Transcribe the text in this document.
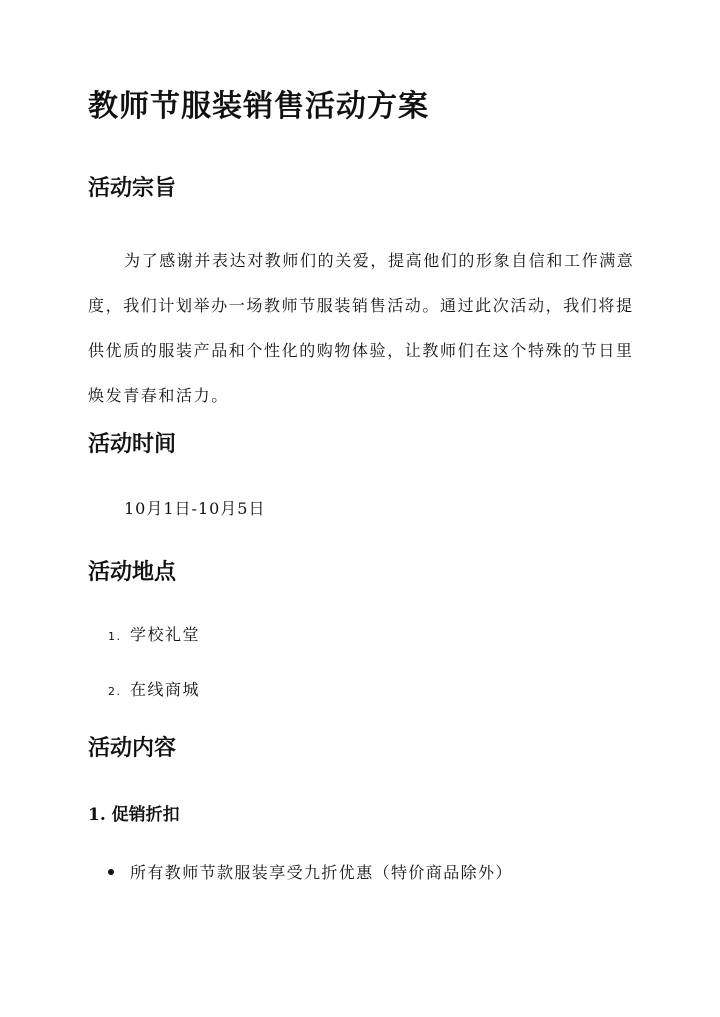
教师节服装销售活动方案
活动宗旨

为了感谢并表达对教师们的关爱，提高他们的形象自信和工作满意度，我们计划举办一场教师节服装销售活动。通过此次活动，我们将提供优质的服装产品和个性化的购物体验，让教师们在这个特殊的节日里焕发青春和活力。

活动时间

10月1日-10月5日

活动地点

1. 学校礼堂

2. 在线商城

活动内容
1. 促销折扣

所有教师节款服装享受九折优惠（特价商品除外）
